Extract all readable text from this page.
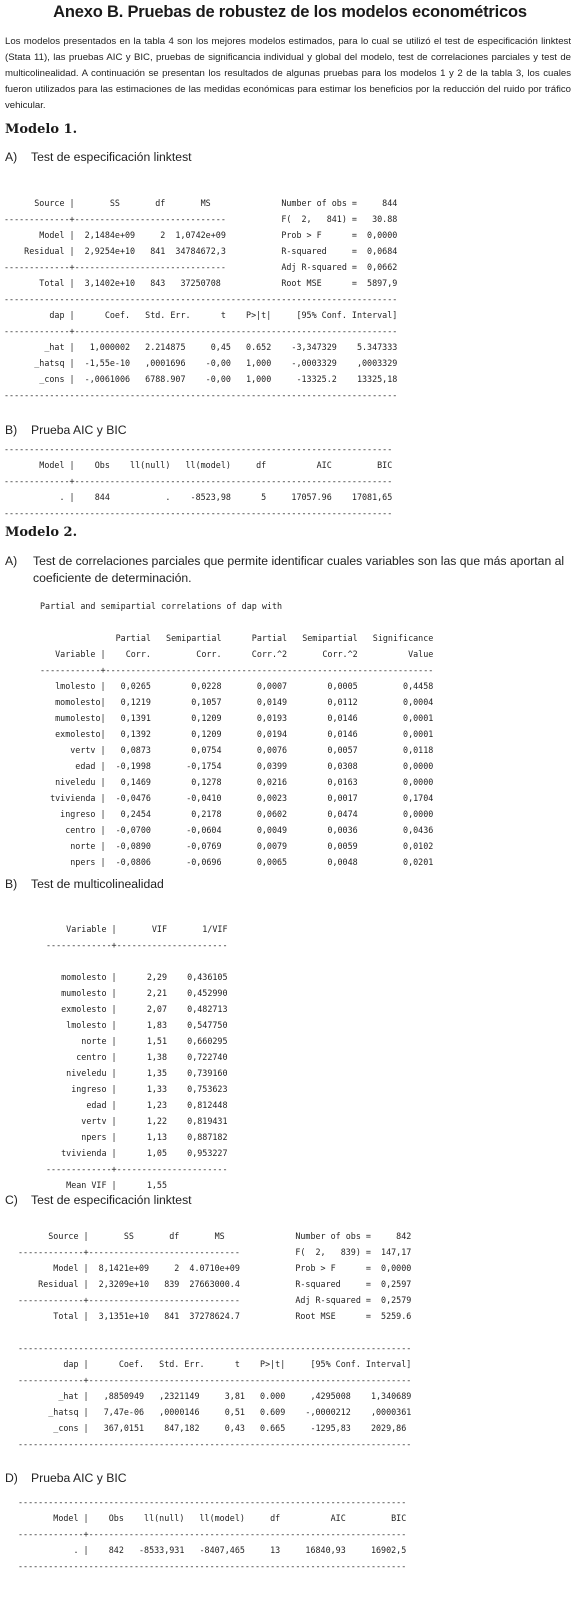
Anexo B. Pruebas de robustez de los modelos econométricos

Los modelos presentados en la tabla 4 son los mejores modelos estimados, para lo cual se utilizó el test de especificación linktest (Stata 11), las pruebas AIC y BIC, pruebas de significancia individual y global del modelo, test de correlaciones parciales y test de multicolinealidad. A continuación se presentan los resultados de algunas pruebas para los modelos 1 y 2 de la tabla 3, los cuales fueron utilizados para las estimaciones de las medidas económicas para estimar los beneficios por la reducción del ruido por tráfico vehicular.

Modelo 1.
A) Test de especificación linktest
Source |       SS       df       MS              Number of obs =     844
-------------+------------------------------           F(  2,   841) =   30.88
Model |  2,1484e+09     2  1,0742e+09           Prob > F      =  0,0000
Residual |  2,9254e+10   841  34784672,3           R-squared     =  0,0684
-------------+------------------------------           Adj R-squared =  0,0662
Total |  3,1402e+10   843   37250708            Root MSE      =  5897,9
------------------------------------------------------------------------------
dap |      Coef.   Std. Err.      t    P>|t|     [95% Conf. Interval]
-------------+----------------------------------------------------------------
_hat |   1,000002   2.214875     0,45   0.652    -3,347329    5.347333
_hatsq |  -1,55e-10   ,0001696    -0,00   1,000    -,0003329    ,0003329
_cons |  -,0061006   6788.907    -0,00   1,000     -13325.2    13325,18
------------------------------------------------------------------------------
B) Prueba AIC y BIC
-----------------------------------------------------------------------------
Model |    Obs    ll(null)   ll(model)     df          AIC         BIC
-------------+---------------------------------------------------------------
. |    844           .    -8523,98      5     17057.96    17081,65
-----------------------------------------------------------------------------
Modelo 2.
A) Test de correlaciones parciales que permite identificar cuales variables son las que más aportan al coeficiente de determinación.
Partial and semipartial correlations of dap with
Partial   Semipartial      Partial   Semipartial   Significance
Variable |    Corr.         Corr.      Corr.^2       Corr.^2          Value
------------+-----------------------------------------------------------------
lmolesto |   0,0265        0,0228       0,0007        0,0005         0,4458
momolesto|   0,1219        0,1057       0,0149        0,0112         0,0004
mumolesto|   0,1391        0,1209       0,0193        0,0146         0,0001
exmolesto|   0,1392        0,1209       0,0194        0,0146         0,0001
vertv |   0,0873        0,0754       0,0076        0,0057         0,0118
edad |  -0,1998       -0,1754       0,0399        0,0308         0,0000
niveledu |   0,1469        0,1278       0,0216        0,0163         0,0000
tvivienda |  -0,0476       -0,0410       0,0023        0,0017         0,1704
ingreso |   0,2454        0,2178       0,0602        0,0474         0,0000
centro |  -0,0700       -0,0604       0,0049        0,0036         0,0436
norte |  -0,0890       -0,0769       0,0079        0,0059         0,0102
npers |  -0,0806       -0,0696       0,0065        0,0048         0,0201
B) Test de multicolinealidad
Variable |       VIF       1/VIF
-------------+----------------------
momolesto |      2,29    0,436105
mumolesto |      2,21    0,452990
exmolesto |      2,07    0,482713
lmolesto |      1,83    0,547750
norte |      1,51    0,660295
centro |      1,38    0,722740
niveledu |      1,35    0,739160
ingreso |      1,33    0,753623
edad |      1,23    0,812448
vertv |      1,22    0,819431
npers |      1,13    0,887182
tvivienda |      1,05    0,953227
-------------+----------------------
Mean VIF |      1,55
C) Test de especificación linktest
Source |       SS       df       MS              Number of obs =     842
-------------+------------------------------           F(  2,   839) =  147,17
Model |  8,1421e+09     2  4.0710e+09           Prob > F      =  0,0000
Residual |  2,3209e+10   839  27663000.4           R-squared     =  0,2597
-------------+------------------------------           Adj R-squared =  0,2579
Total |  3,1351e+10   841  37278624.7           Root MSE      =  5259.6
------------------------------------------------------------------------------
dap |      Coef.   Std. Err.      t    P>|t|     [95% Conf. Interval]
-------------+----------------------------------------------------------------
_hat |   ,8850949   ,2321149     3,81   0.000     ,4295008    1,340689
_hatsq |   7,47e-06   ,0000146     0,51   0.609    -,0000212    ,0000361
_cons |   367,0151    847,182     0,43   0.665     -1295,83    2029,86
------------------------------------------------------------------------------
D) Prueba AIC y BIC
-----------------------------------------------------------------------------
Model |    Obs    ll(null)   ll(model)     df          AIC         BIC
-------------+---------------------------------------------------------------
. |    842   -8533,931   -8407,465     13     16840,93     16902,5
-----------------------------------------------------------------------------
